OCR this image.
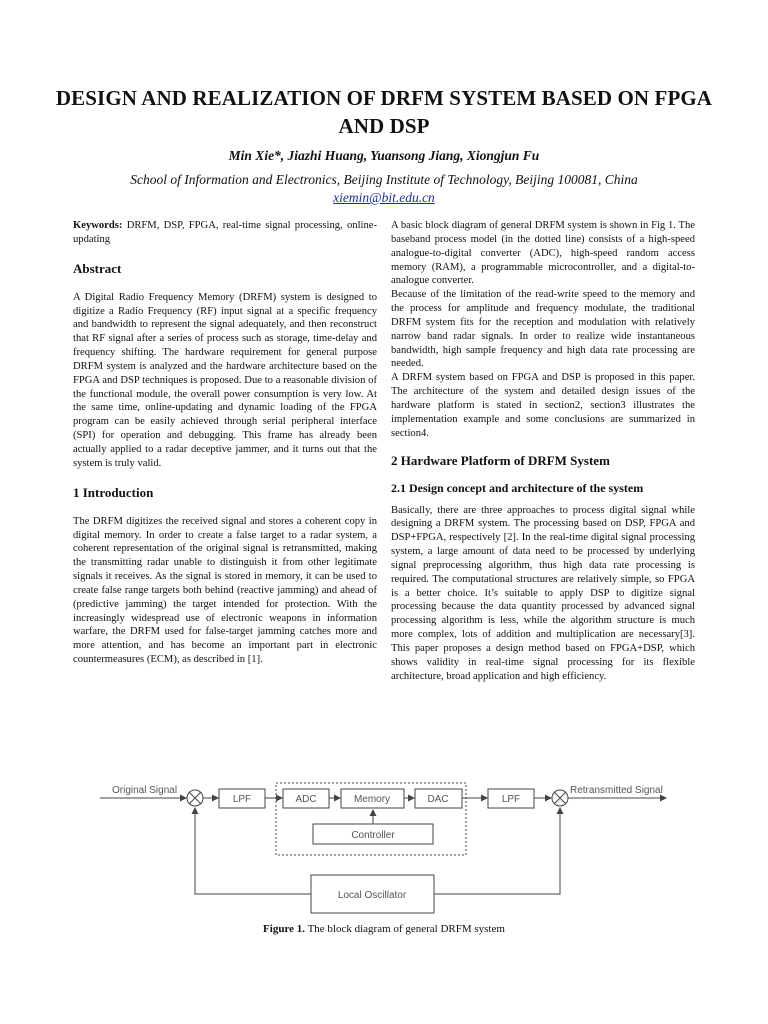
DESIGN AND REALIZATION OF DRFM SYSTEM BASED ON FPGA AND DSP
Min Xie*, Jiazhi Huang, Yuansong Jiang, Xiongjun Fu
School of Information and Electronics, Beijing Institute of Technology, Beijing 100081, China
xiemin@bit.edu.cn

Keywords: DRFM, DSP, FPGA, real-time signal processing, online-updating

Abstract

A Digital Radio Frequency Memory (DRFM) system is designed to digitize a Radio Frequency (RF) input signal at a specific frequency and bandwidth to represent the signal adequately, and then reconstruct that RF signal after a series of process such as storage, time-delay and frequency shifting. The hardware requirement for general purpose DRFM system is analyzed and the hardware architecture based on the FPGA and DSP techniques is proposed. Due to a reasonable division of the functional module, the overall power consumption is very low. At the same time, online-updating and dynamic loading of the FPGA program can be easily achieved through serial peripheral interface (SPI) for operation and debugging. This frame has already been actually applied to a radar deceptive jammer, and it turns out that the system is truly valid.

1 Introduction

The DRFM digitizes the received signal and stores a coherent copy in digital memory. In order to create a false target to a radar system, a coherent representation of the original signal is retransmitted, making the transmitting radar unable to distinguish it from other legitimate signals it receives. As the signal is stored in memory, it can be used to create false range targets both behind (reactive jamming) and ahead of (predictive jamming) the target intended for protection. With the increasingly widespread use of electronic weapons in information warfare, the DRFM used for false-target jamming catches more and more attention, and has become an important part in electronic countermeasures (ECM), as described in [1].

A basic block diagram of general DRFM system is shown in Fig 1. The baseband process model (in the dotted line) consists of a high-speed analogue-to-digital converter (ADC), high-speed random access memory (RAM), a programmable microcontroller, and a digital-to-analogue converter.

Because of the limitation of the read-write speed to the memory and the process for amplitude and frequency modulate, the traditional DRFM system fits for the reception and modulation with relatively narrow band radar signals. In order to realize wide instantaneous bandwidth, high sample frequency and high data rate processing are needed.

A DRFM system based on FPGA and DSP is proposed in this paper. The architecture of the system and detailed design issues of the hardware platform is stated in section2, section3 illustrates the implementation example and some conclusions are summarized in section4.

2 Hardware Platform of DRFM System
2.1 Design concept and architecture of the system

Basically, there are three approaches to process digital signal while designing a DRFM system. The processing based on DSP, FPGA and DSP+FPGA, respectively [2]. In the real-time digital signal processing system, a large amount of data need to be processed by underlying signal preprocessing algorithm, thus high data rate processing is required. The computational structures are relatively simple, so FPGA is a better choice. It’s suitable to apply DSP to digitize signal processing because the data quantity processed by advanced signal processing algorithm is less, while the algorithm structure is much more complex, lots of addition and multiplication are necessary[3]. This paper proposes a design method based on FPGA+DSP, which shows validity in real-time signal processing for its flexible architecture, broad application and high efficiency.

Original Signal	Retransmitted Signal
LPF	ADC	Memory	DAC	LPF
Controller
Local Oscillator
Figure 1. The block diagram of general DRFM system
